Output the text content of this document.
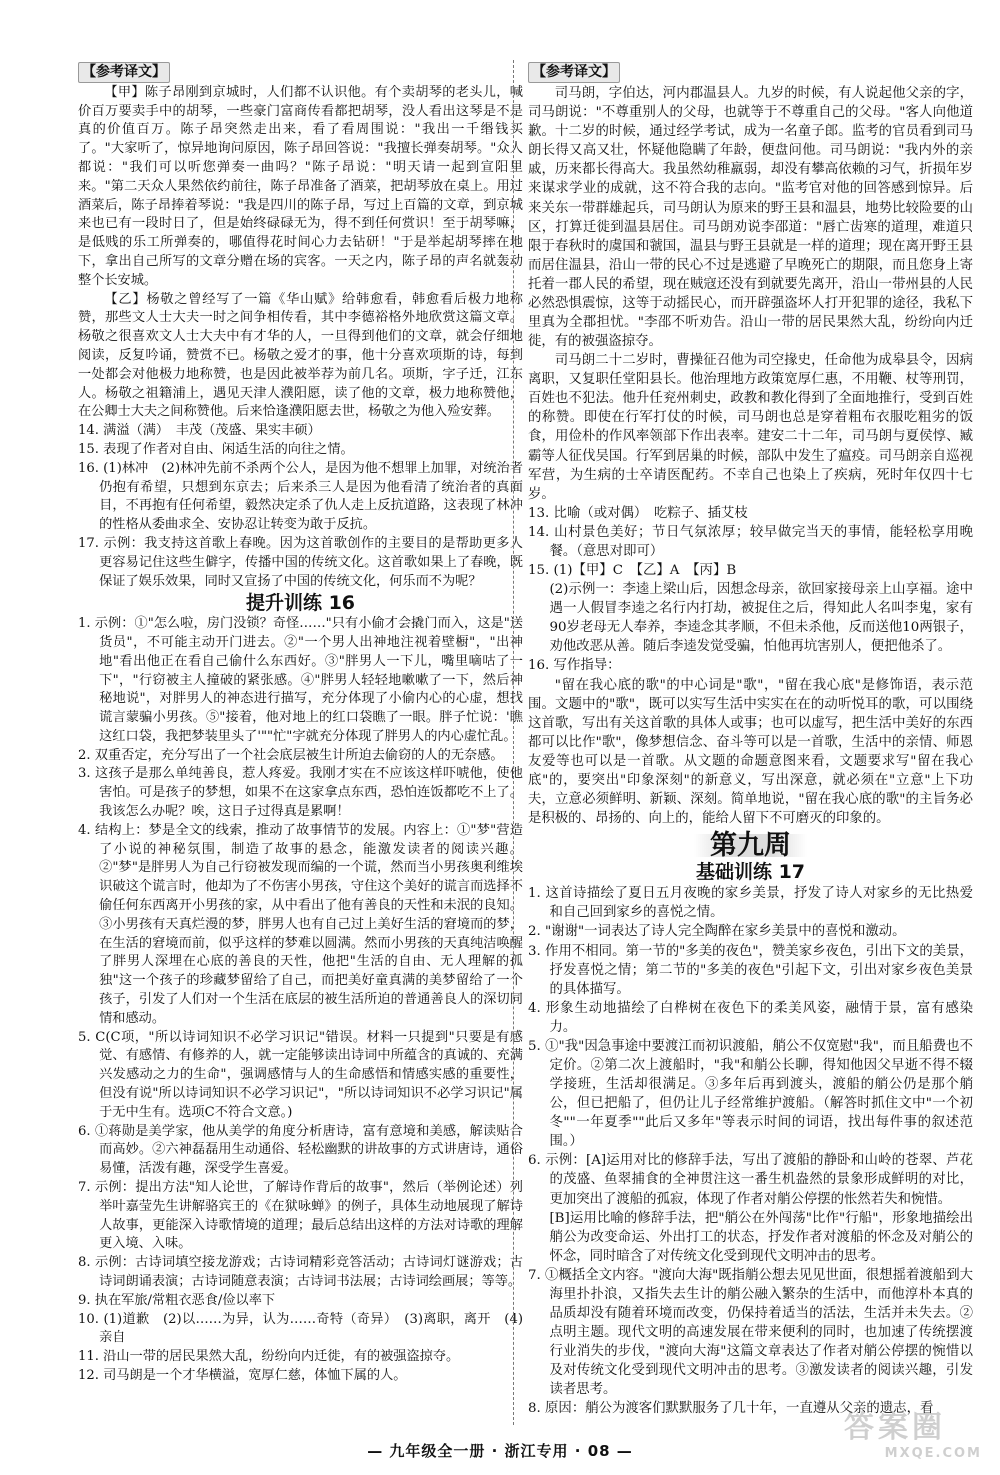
【参考译文】

【甲】陈子昂刚到京城时，人们都不认识他。有个卖胡琴的老头儿，喊价百万要卖手中的胡琴，一些豪门富商传看都把胡琴，没人看出这琴是不是真的价值百万。陈子昂突然走出来，看了看周围说："我出一千缗钱买了。"大家听了，惊异地询问原因，陈子昂回答说："我擅长弹奏胡琴。"众人都说："我们可以听您弹奏一曲吗？"陈子昂说："明天请一起到宣阳里来。"第二天众人果然依约前往，陈子昂准备了酒菜，把胡琴放在桌上。用过酒菜后，陈子昂捧着琴说："我是四川的陈子昂，写过上百篇的文章，到京城来也已有一段时日了，但是始终碌碌无为，得不到任何赏识！至于胡琴嘛，是低贱的乐工所弹奏的，哪值得花时间心力去钻研！"于是举起胡琴摔在地下，拿出自己所写的文章分赠在场的宾客。一天之内，陈子昂的声名就轰动整个长安城。

【乙】杨敬之曾经写了一篇《华山赋》给韩愈看，韩愈看后极力地称赞，那些文人士大夫一时之间争相传看，其中李德裕格外地欣赏这篇文章。杨敬之很喜欢文人士大夫中有才华的人，一旦得到他们的文章，就会仔细地阅读，反复吟诵，赞赏不已。杨敬之爱才的事，他十分喜欢项斯的诗，每到一处都会对他极力地称赞，也是因此被举荐为前几名。项斯，字子迁，江东人。杨敬之祖籍浦上，遇见天津人濮阳愿，读了他的文章，极力地称赞他，在公卿士大夫之间称赞他。后来恰逢濮阳愿去世，杨敬之为他入殓安葬。

14. 满溢（满）　丰茂（茂盛、果实丰硕）

15. 表现了作者对自由、闲适生活的向往之情。

16. (1)林冲　(2)林冲先前不杀两个公人，是因为他不想罪上加罪，对统治者仍抱有希望，只想到东京去；后来杀三人是因为他看清了统治者的真面目，不再抱有任何希望，毅然决定杀了仇人走上反抗道路，这表现了林冲的性格从委曲求全、安协忍让转变为敢于反抗。

17. 示例：我支持这首歌上春晚。因为这首歌创作的主要目的是帮助更多人更容易记住这些生僻字，传播中国的传统文化。这首歌如果上了春晚，既保证了娱乐效果，同时又宣扬了中国的传统文化，何乐而不为呢？

提升训练 16

1. 示例：①"怎么啦，房门没锁？奇怪……"只有小偷才会撬门而入，这是"送货员"，不可能主动开门进去。②"一个男人出神地注视着壁橱"，"出神地"看出他正在看自己偷什么东西好。③"胖男人一下儿，嘴里嘀咕了一下"，"行窃被主人撞破的紧张感。④"胖男人轻轻地嗽嗽了一下，然后神秘地说"，对胖男人的神态进行描写，充分体现了小偷内心的心虚，想找谎言蒙骗小男孩。⑤"接着，他对地上的红口袋瞧了一眼。胖子忙说：'瞧这红口袋，我把梦装里头了'""忙"字就充分体现了胖男人的内心虚忙乱。

2. 双重否定，充分写出了一个社会底层被生计所迫去偷窃的人的无奈感。

3. 这孩子是那么单纯善良，惹人疼爱。我刚才实在不应该这样吓唬他，使他害怕。可是孩子的梦想，如果不在这家拿点东西，恐怕连饭都吃不上了。我该怎么办呢？唉，这日子过得真是累啊！

4. 结构上：梦是全文的线索，推动了故事情节的发展。内容上：①"梦"营造了小说的神秘氛围，制造了故事的悬念，能激发读者的阅读兴趣。②"梦"是胖男人为自己行窃被发现而编的一个谎，然而当小男孩奥利维埃识破这个谎言时，他却为了不伤害小男孩，守住这个美好的谎言而选择不偷任何东西离开小男孩的家，从中看出了他有善良的天性和未泯的良知。③小男孩有天真烂漫的梦，胖男人也有自己过上美好生活的窘境而的梦，在生活的窘境而前，似乎这样的梦难以圆满。然而小男孩的天真纯洁唤醒了胖男人深埋在心底的善良的天性，他把"生活的自由、无人理解的孤独"这一个孩子的珍藏梦留给了自己，而把美好童真满的美梦留给了一个孩子，引发了人们对一个生活在底层的被生活所迫的普通善良人的深切同情和感动。

5. C(C项，"所以诗词知识不必学习识记"错误。材料一只提到"只要是有感觉、有感情、有修养的人，就一定能够读出诗词中所蕴含的真诚的、充满兴发感动之力的生命"，强调感情与人的生命感悟和情感实感的重要性，但没有说"所以诗词知识不必学习识记"，"所以诗词知识不必学习识记"属于无中生有。选项C不符合文意。)

6. ①蒋勋是美学家，他从美学的角度分析唐诗，富有意境和美感，解读贴合而高妙。②六神磊磊用生动通俗、轻松幽默的讲故事的方式讲唐诗，通俗易懂，活泼有趣，深受学生喜爱。

7. 示例：提出方法"知人论世，了解诗作背后的故事"，然后（举例论述）列举叶嘉莹先生讲解骆宾王的《在狱咏蝉》的例子，具体生动地展现了解诗人故事，更能深入诗歌情境的道理；最后总结出这样的方法对诗歌的理解更入境、入味。

8. 示例：古诗词填空接龙游戏；古诗词精彩竞答活动；古诗词灯谜游戏；古诗词朗诵表演；古诗词随意表演；古诗词书法展；古诗词绘画展；等等。

9. 执在军旅/常粗衣恶食/俭以率下

10. (1)道歉　(2)以……为异，认为……奇特（奇异）　(3)离职，离开　(4)亲自

11. 沿山一带的居民果然大乱，纷纷向内迁徙，有的被强盗掠夺。

12. 司马朗是一个才华横溢，宽厚仁慈，体恤下属的人。

【参考译文】

司马朗，字伯达，河内郡温县人。九岁的时候，有人说起他父亲的字，司马朗说："不尊重别人的父母，也就等于不尊重自己的父母。"客人向他道歉。十二岁的时候，通过经学考试，成为一名童子郎。监考的官员看到司马朗长得又高又壮，怀疑他隐瞒了年龄，便盘问他。司马朗说："我内外的亲戚，历来都长得高大。我虽然幼稚羸弱，却没有攀高依赖的习气，折损年岁来谋求学业的成就，这不符合我的志向。"监考官对他的回答感到惊异。后来关东一带群雄起兵，司马朗认为原来的野王县和温县，地势比较险要的山区，打算迁徙到温县居住。司马朗劝说李邵道："唇亡齿寒的道理，难道只限于春秋时的虞国和虢国，温县与野王县就是一样的道理；现在离开野王县而居住温县，沿山一带的民心不过是逃避了早晚死亡的期限，而且您身上寄托着一郡人民的希望，现在贼寇还没有到就要先离开，沿山一带州县的人民必然恐惧震惊，这等于动摇民心，而开辟强盗坏人打开犯罪的途径，我私下里真为全郡担忧。"李邵不听劝告。沿山一带的居民果然大乱，纷纷向内迁徙，有的被强盗掠夺。

司马朗二十二岁时，曹操征召他为司空掾史，任命他为成皋县令，因病离职，又复职任堂阳县长。他治理地方政策宽厚仁惠，不用鞭、杖等刑罚，百姓也不犯法。他升任兖州刺史，政教和教化得到了全面地推行，受到百姓的称赞。即使在行军打仗的时候，司马朗也总是穿着粗布衣服吃粗劣的饭食，用俭朴的作风率领部下作出表率。建安二十二年，司马朗与夏侯惇、臧霸等人征伐吴国。行军到居巢的时候，部队中发生了瘟疫。司马朗亲自巡视军营，为生病的士卒请医配药。不幸自己也染上了疾病，死时年仅四十七岁。

13. 比喻（或对偶）　吃粽子、插艾枝

14. 山村景色美好；节日气氛浓厚；较早做完当天的事情，能轻松享用晚餐。（意思对即可）

15. (1)【甲】C　【乙】A　【丙】B

(2)示例一：李逵上梁山后，因想念母亲，欲回家接母亲上山享福。途中遇一人假冒李逵之名行内打劫，被捉住之后，得知此人名叫李鬼，家有90岁老母无人奉养，李逵念其孝顺，不但未杀他，反而送他10两银子，劝他改恶从善。随后李逵发觉受骗，怕他再坑害别人，便把他杀了。

16. 写作指导：

"留在我心底的歌"的中心词是"歌"，"留在我心底"是修饰语，表示范围。文题中的"歌"，既可以实写生活中实实在在的动听悦耳的歌，可以围绕这首歌，写出有关这首歌的具体人或事；也可以虚写，把生活中美好的东西都可以比作"歌"，像梦想信念、奋斗等可以是一首歌，生活中的亲情、师恩友爱等也可以是一首歌。从文题的命题意图来看，文题要求写"留在我心底"的，要突出"印象深刻"的新意义，写出深意，就必须在"立意"上下功夫，立意必须鲜明、新颖、深刻。简单地说，"留在我心底的歌"的主旨务必是积极的、昂扬的、向上的，能给人留下不可磨灭的印象的。

第九周
基础训练 17

1. 这首诗描绘了夏日五月夜晚的家乡美景，抒发了诗人对家乡的无比热爱和自己回到家乡的喜悦之情。

2. "谢谢"一词表达了诗人完全陶醉在家乡美景中的喜悦和激动。

3. 作用不相同。第一节的"多美的夜色"，赞美家乡夜色，引出下文的美景，抒发喜悦之情；第二节的"多美的夜色"引起下文，引出对家乡夜色美景的具体描写。

4. 形象生动地描绘了白桦树在夜色下的柔美风姿，融情于景，富有感染力。

5. ①"我"因急事途中要渡江而初识渡船，艄公不仅宽慰"我"，而且船费也不定价。②第二次上渡船时，"我"和艄公长聊，得知他因父早逝不得不辍学接班，生活却很满足。③多年后再到渡头，渡船的艄公仍是那个艄公，但已把船了，但仍让儿子经常维护渡船。（解答时抓住文中"一个初冬""一年夏季""此后又多年"等表示时间的词语，找出每件事的叙述范围。）

6. 示例：[A]运用对比的修辞手法，写出了渡船的静卧和山岭的苍翠、芦花的茂盛、鱼翠捕食的全神贯注这一番生机盎然的景象形成鲜明的对比，更加突出了渡船的孤寂，体现了作者对艄公停摆的怅然若失和惋惜。

[B]运用比喻的修辞手法，把"艄公在外闯荡"比作"行船"，形象地描绘出艄公为改变命运、外出打工的状态，抒发作者对渡船的怀念及对艄公的怀念，同时暗含了对传统文化受到现代文明冲击的思考。

7. ①概括全文内容。"渡向大海"既指艄公想去见见世面，很想摇着渡船到大海里扑扑浪，又指失去生计的艄公融入繁杂的生活中，而他淳朴本真的品质却没有随着环境而改变，仍保持着适当的活法，生活并未失去。②点明主题。现代文明的高速发展在带来便利的同时，也加速了传统摆渡行业消失的步伐，"渡向大海"这篇文章表达了作者对艄公停摆的惋惜以及对传统文化受到现代文明冲击的思考。③激发读者的阅读兴趣，引发读者思考。

8. 原因：艄公为渡客们默默服务了几十年，一直遵从父亲的遗志，看

— 九年级全一册 · 浙江专用 · 08 —
答案圈
MXQE.COM
